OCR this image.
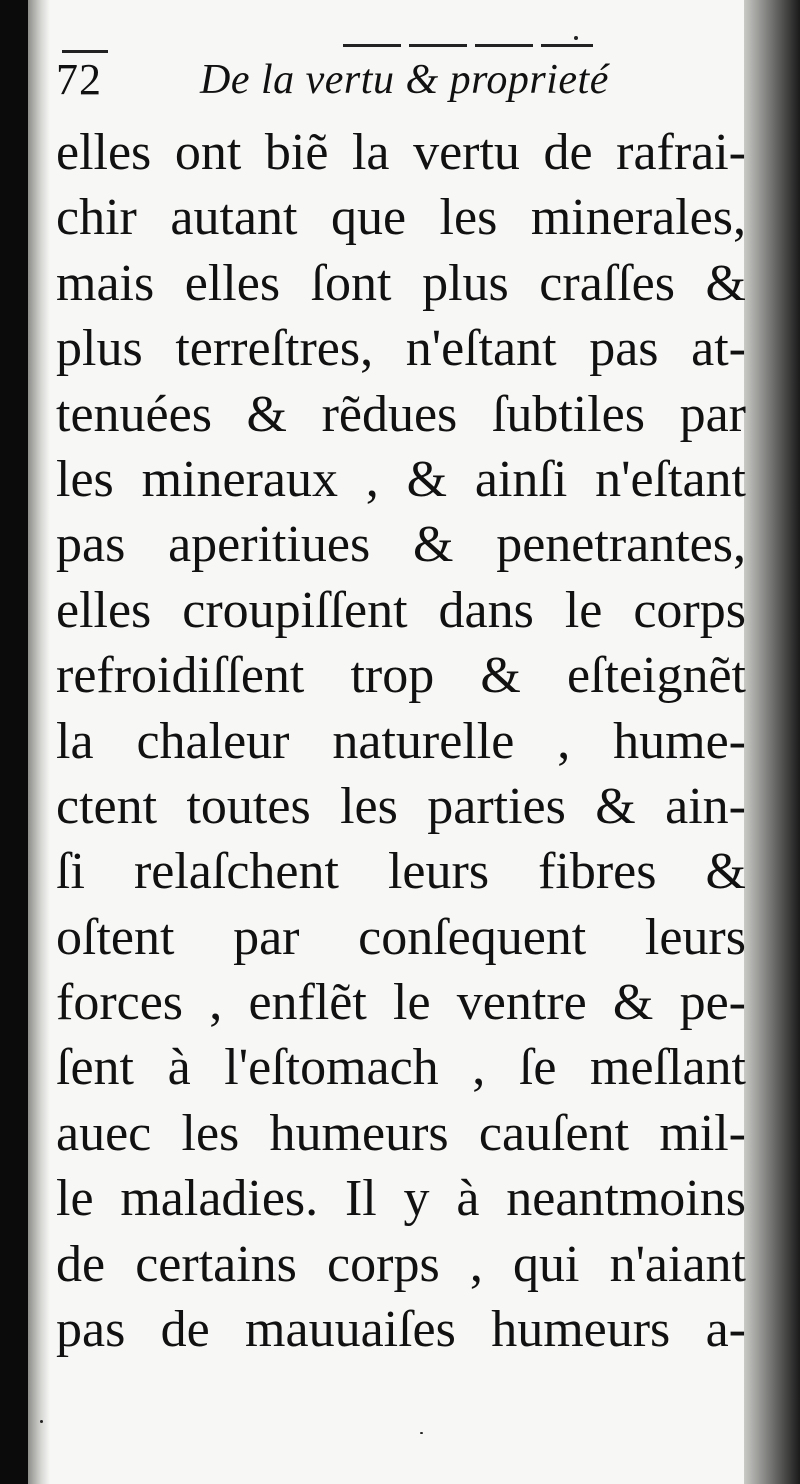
72 De la vertu & proprieté
elles ont biẽ la vertu de rafrai-
chir autant que les minerales,
mais elles ſont plus craſſes &
plus terreſtres, n'eſtant pas at-
tenuées & rẽdues ſubtiles par
les mineraux , & ainſi n'eſtant
pas aperitiues & penetrantes,
elles croupiſſent dans le corps
refroidiſſent trop & eſteignẽt
la chaleur naturelle , hume-
ctent toutes les parties & ain-
ſi relaſchent leurs fibres &
oſtent par conſequent leurs
forces , enflẽt le ventre & pe-
ſent à l'eſtomach , ſe meſlant
auec les humeurs cauſent mil-
le maladies. Il y à neantmoins
de certains corps , qui n'aiant
pas de mauuaiſes humeurs a-
